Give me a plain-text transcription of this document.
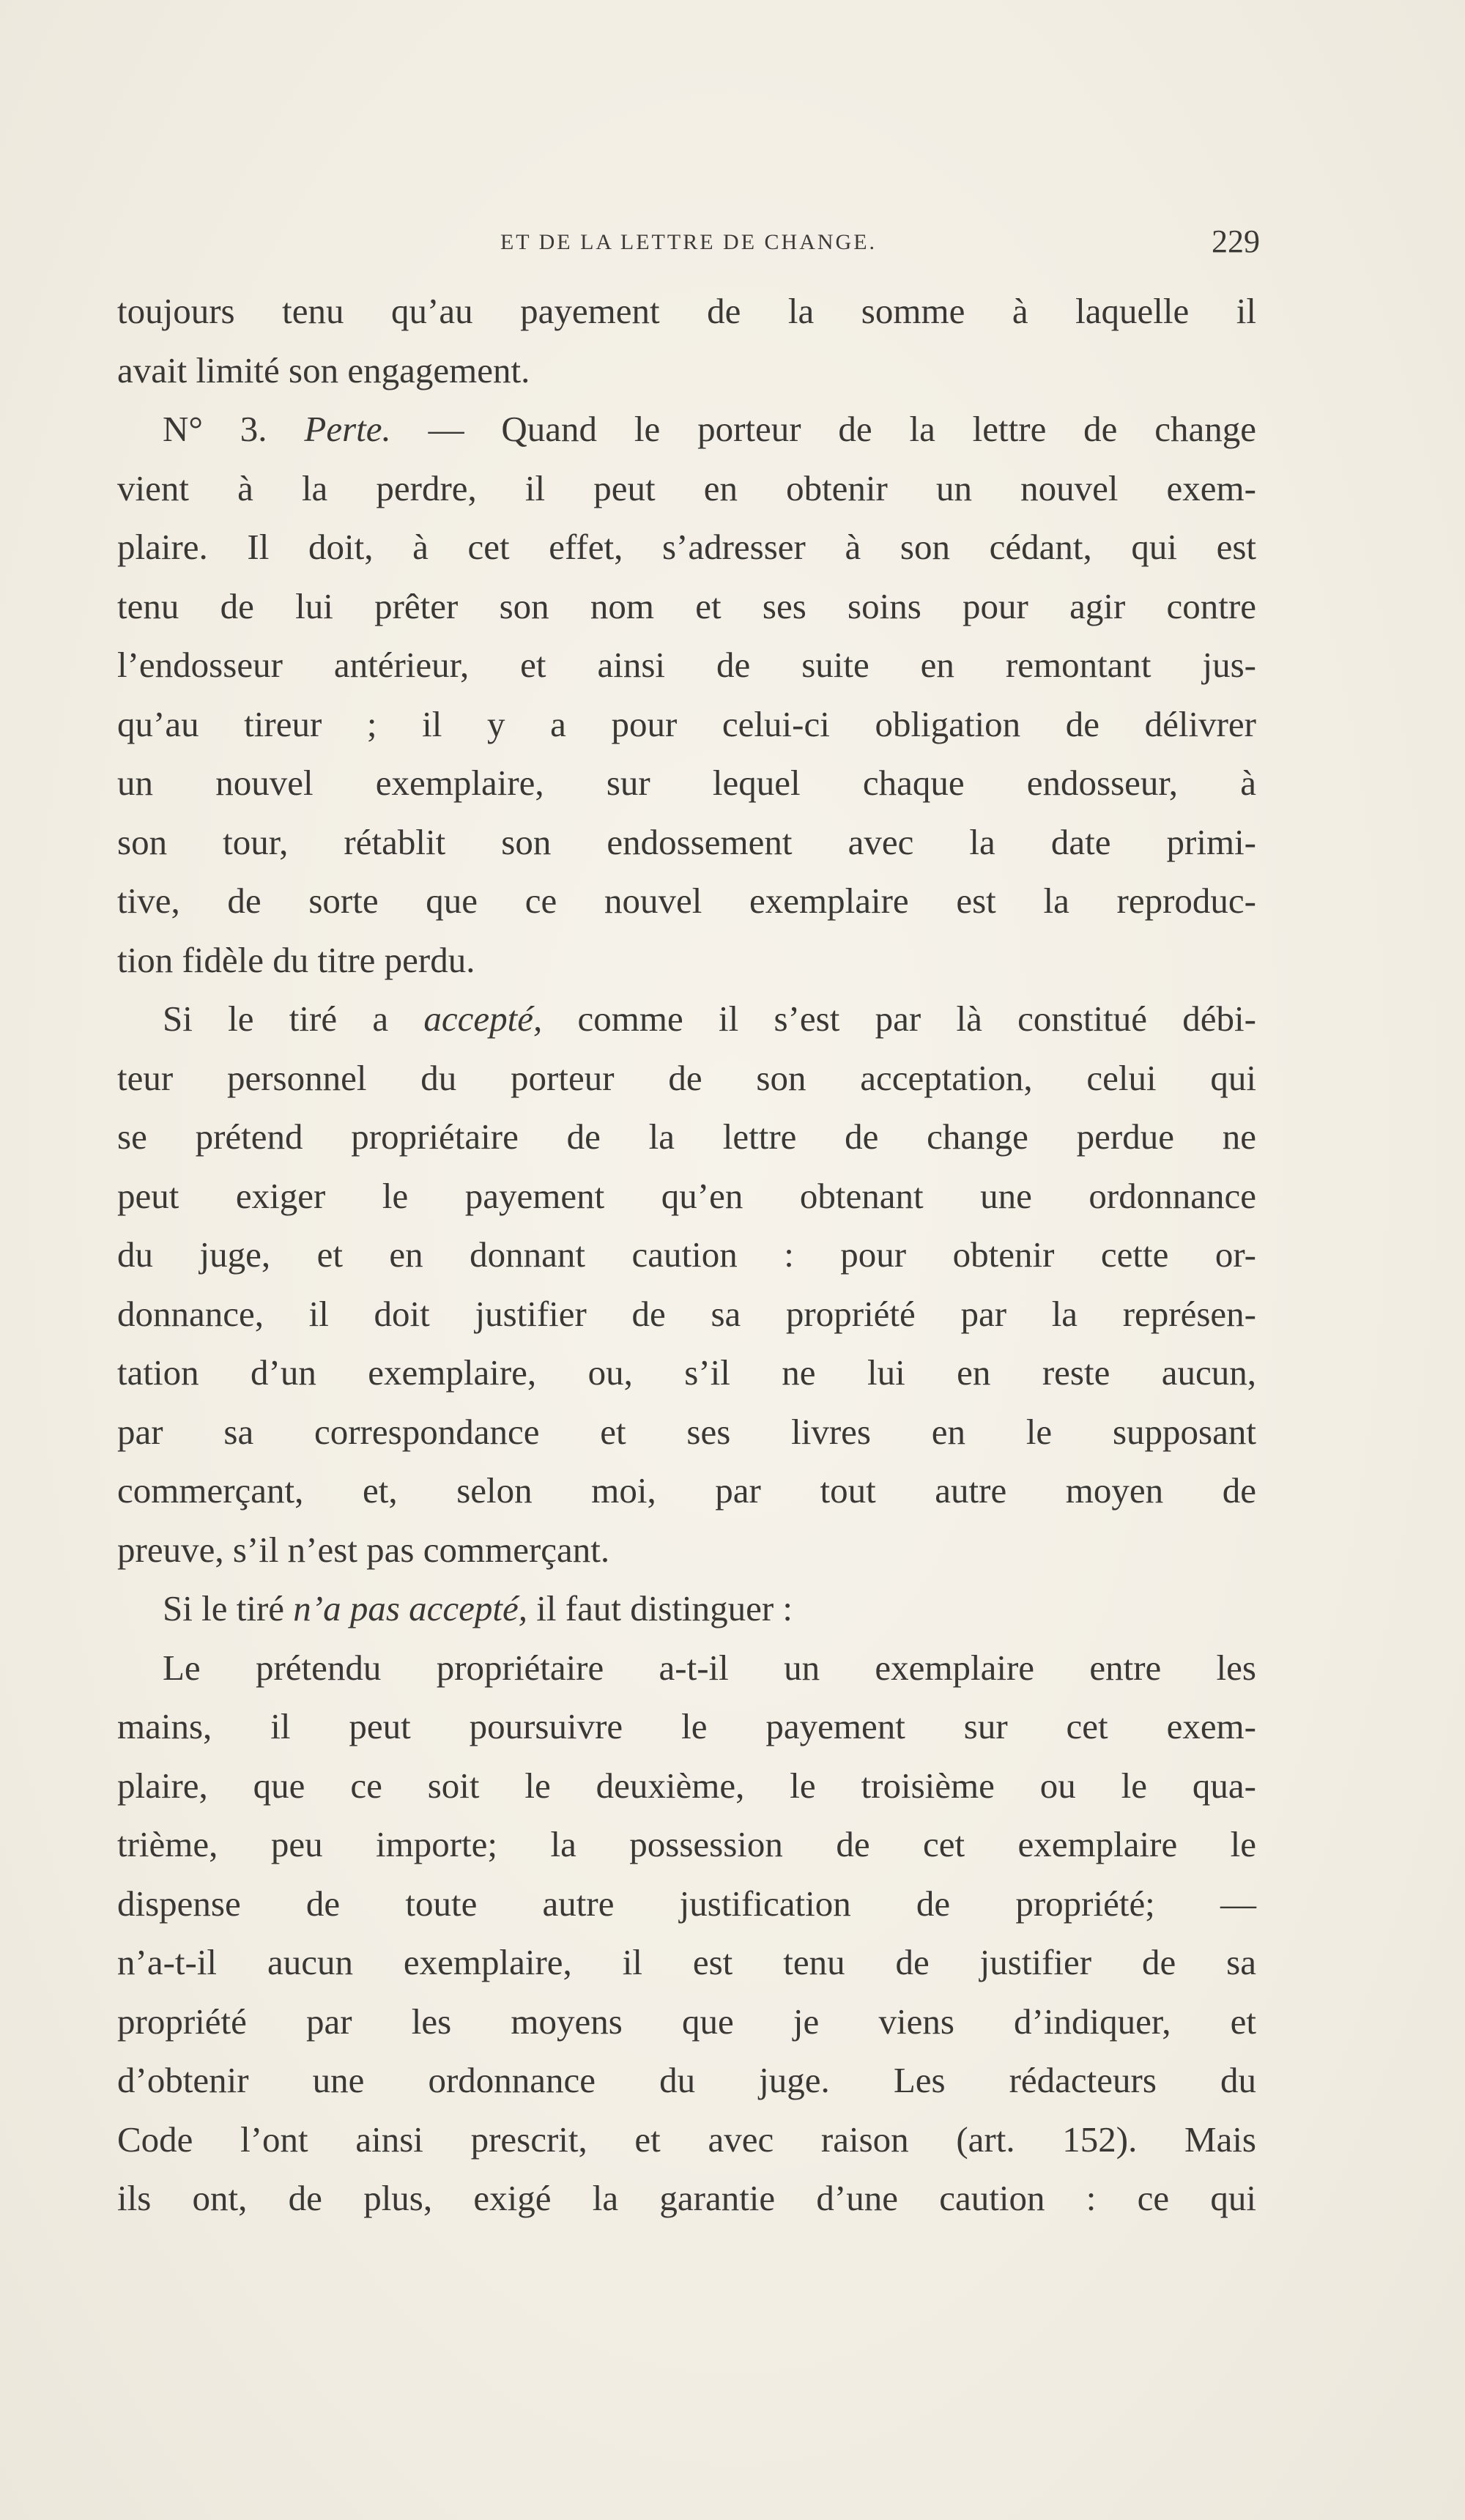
ET DE LA LETTRE DE CHANGE.	229
toujours tenu qu’au payement de la somme à laquelle il
avait limité son engagement.
N° 3. Perte. — Quand le porteur de la lettre de change
vient à la perdre, il peut en obtenir un nouvel exem-
plaire. Il doit, à cet effet, s’adresser à son cédant, qui est
tenu de lui prêter son nom et ses soins pour agir contre
l’endosseur antérieur, et ainsi de suite en remontant jus-
qu’au tireur ; il y a pour celui-ci obligation de délivrer
un nouvel exemplaire, sur lequel chaque endosseur, à
son tour, rétablit son endossement avec la date primi-
tive, de sorte que ce nouvel exemplaire est la reproduc-
tion fidèle du titre perdu.
Si le tiré a accepté, comme il s’est par là constitué débi-
teur personnel du porteur de son acceptation, celui qui
se prétend propriétaire de la lettre de change perdue ne
peut exiger le payement qu’en obtenant une ordonnance
du juge, et en donnant caution : pour obtenir cette or-
donnance, il doit justifier de sa propriété par la représen-
tation d’un exemplaire, ou, s’il ne lui en reste aucun,
par sa correspondance et ses livres en le supposant
commerçant, et, selon moi, par tout autre moyen de
preuve, s’il n’est pas commerçant.
Si le tiré n’a pas accepté, il faut distinguer :
Le prétendu propriétaire a-t-il un exemplaire entre les
mains, il peut poursuivre le payement sur cet exem-
plaire, que ce soit le deuxième, le troisième ou le qua-
trième, peu importe; la possession de cet exemplaire le
dispense de toute autre justification de propriété; —
n’a-t-il aucun exemplaire, il est tenu de justifier de sa
propriété par les moyens que je viens d’indiquer, et
d’obtenir une ordonnance du juge. Les rédacteurs du
Code l’ont ainsi prescrit, et avec raison (art. 152). Mais
ils ont, de plus, exigé la garantie d’une caution : ce qui
